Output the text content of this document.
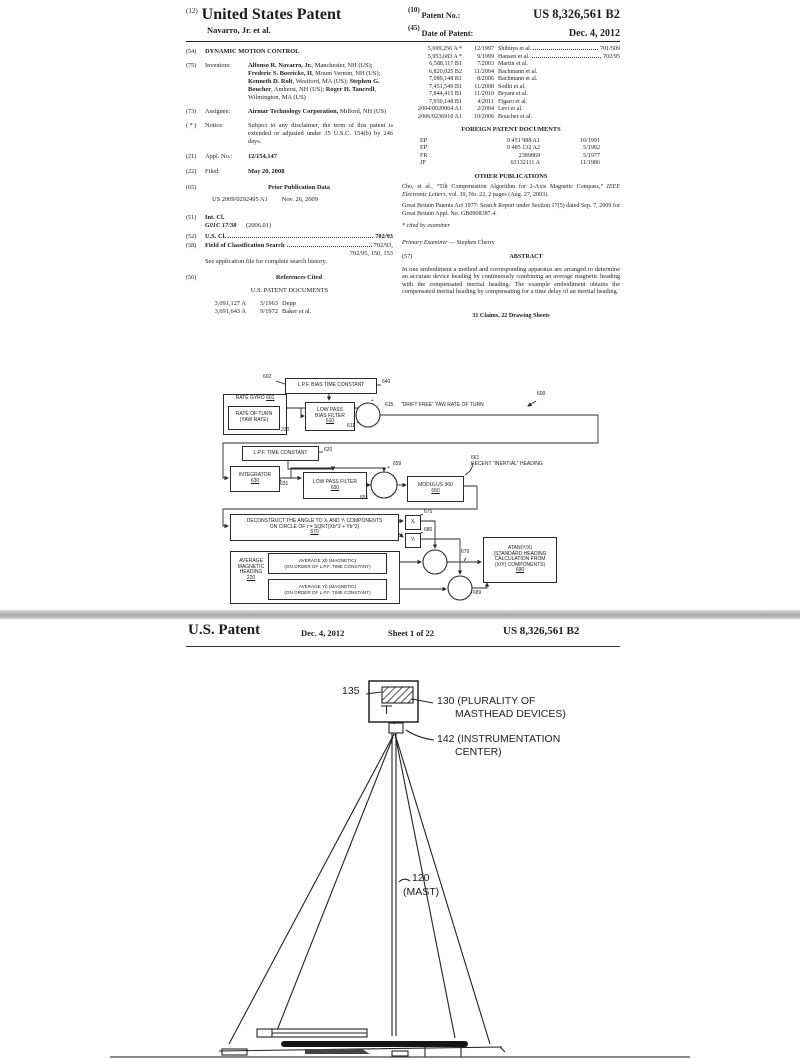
$^{(12)}$ United States Patent
Navarro, Jr. et al.
(10) Patent No.:	US 8,326,561 B2
(45) Date of Patent:	Dec. 4, 2012
(54)	DYNAMIC MOTION CONTROL
(75)	Inventors:	Alfonso R. Navarro, Jr., Manchester, NH (US); Frederic S. Boericke, II, Mount Vernon, NH (US); Kenneth D. Rolt, Westford, MA (US); Stephen G. Boucher, Amherst, NH (US); Roger H. Tancrell, Wilmington, MA (US)
(73)	Assignee:	Airmar Technology Corporation, Milford, NH (US)
( * )	Notice:	Subject to any disclaimer, the term of this patent is extended or adjusted under 35 U.S.C. 154(b) by 246 days.
(21)	Appl. No.:	12/154,147
(22)	Filed:	May 20, 2008
(65)	Prior Publication Data
US 2009/0292495 A1 Nov. 26, 2009
(51)	Int. Cl.
G01C 17/38 (2006.01)
(52)	U.S. Cl.	702/93
(58)	Field of Classification Search	702/93,
702/95, 150, 153
See application file for complete search history.
(56)	References Cited
U.S. PATENT DOCUMENTS
3,091,127 A	5/1963 Depp
3,691,643 A	9/1972 Baker et al.
5,699,256 A *	12/1997 Shibuya et al.	701/509
5,953,683 A *	9/1999 Hansen et al.	702/95
6,588,117 B1	7/2003 Martin et al.
6,820,025 B2	11/2004 Bachmann et al.
7,089,148 B1	8/2006 Bachmann et al.
7,451,549 B1	11/2008 Sodhi et al.
7,844,415 B1	11/2010 Bryant et al.
7,930,148 B1	4/2011 Figaro et al.
2004/0020064 A1	2/2004 Levi et al.
2006/0236910 A1	10/2006 Boucher et al.
FOREIGN PATENT DOCUMENTS
EP	0 451 988 A1	10/1991
EP	0 485 132 A2	5/1992
FR	2389869	5/1977
JP	63132111 A	11/1986
OTHER PUBLICATIONS
Cho, et al., “Tilt Compensation Algorithm for 2-Axis Magnetic Compass,” IEEE Electronic Letters, vol. 39, No. 22, 2 pages (Aug. 27, 2003).
Great Britain Patents Act 1977: Search Report under Section 17(5) dated Sep. 7, 2009 for Great Britain Appl. No. GB0908387.4.
* cited by examiner
Primary Examiner — Stephen Cherry
(57)	ABSTRACT
In one embodiment a method and corresponding apparatus are arranged to determine an accurate device heading by continuously combining an average magnetic heading with the compensated inertial heading. The example embodiment obtains the compensated inertial heading by compensating for a time delay of an inertial heading.
31 Claims, 22 Drawing Sheets
+
+
L.P.F. BIAS TIME CONSTANT
RATE GYRO 601
RATE OF TURN
(YAW RATE)
LOW PASS
BIAS FILTER
610
L.P.F. TIME CONSTANT
INTEGRATOR
630	LOW PASS FILTER
650	MODULUS 360
660
DECONSTRUCT THE ANGLE TO Xᵢ AND Yᵢ COMPONENTS
ON CIRCLE OF r = SQRT(Xb^2 + Yb^2)
670
Xᵢ
Yᵢ
AVERAGE
MAGNETIC
HEADING
220
AVERAGE Xb (MAGNETIC)
(ON ORDER OF L.P.F. TIME CONSTANT)
AVERAGE Yb (MAGNETIC)
(ON ORDER OF L.P.F. TIME CONSTANT)
ATAN(Y/X)
(STANDARD HEADING
CALCULATION FROM
(X/Y) COMPONENTS)
690
602
640
230
611
615 “DRIFT FREE” YAW RATE OF TURN
600
620
631
651
659
661
RECENT “INERTIAL” HEADING
675
680
679
689
U.S. Patent	Dec. 4, 2012	Sheet 1 of 22	US 8,326,561 B2
135
130 (PLURALITY OF
MASTHEAD DEVICES)
142 (INSTRUMENTATION
CENTER)
120
(MAST)
